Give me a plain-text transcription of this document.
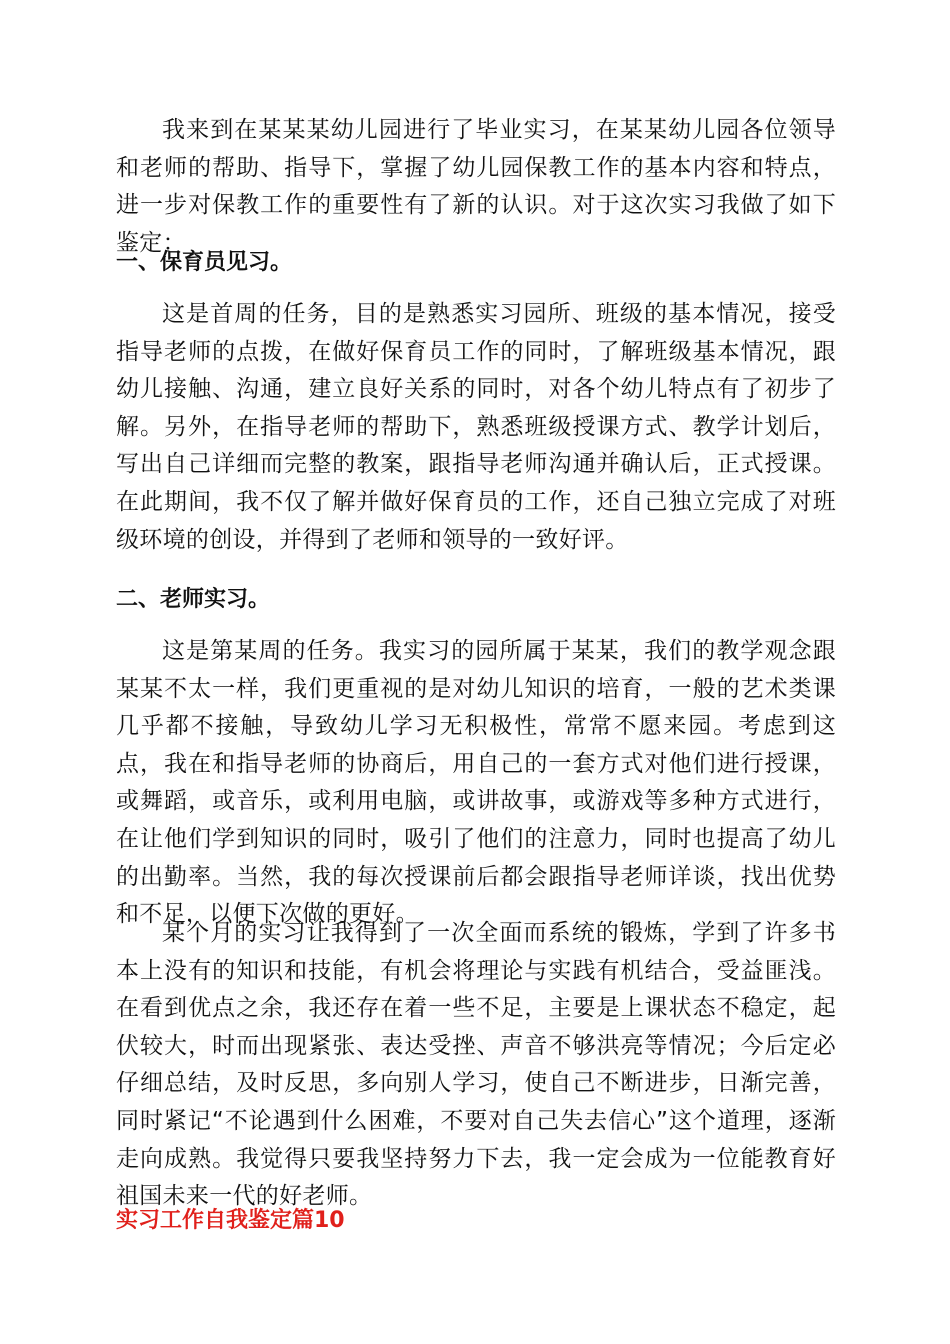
我来到在某某某幼儿园进行了毕业实习，在某某幼儿园各位领导和老师的帮助、指导下，掌握了幼儿园保教工作的基本内容和特点，进一步对保教工作的重要性有了新的认识。对于这次实习我做了如下鉴定：

一、保育员见习。

这是首周的任务，目的是熟悉实习园所、班级的基本情况，接受指导老师的点拨，在做好保育员工作的同时，了解班级基本情况，跟幼儿接触、沟通，建立良好关系的同时，对各个幼儿特点有了初步了解。另外，在指导老师的帮助下，熟悉班级授课方式、教学计划后，写出自己详细而完整的教案，跟指导老师沟通并确认后，正式授课。在此期间，我不仅了解并做好保育员的工作，还自己独立完成了对班级环境的创设，并得到了老师和领导的一致好评。

二、老师实习。

这是第某周的任务。我实习的园所属于某某，我们的教学观念跟某某不太一样，我们更重视的是对幼儿知识的培育，一般的艺术类课几乎都不接触，导致幼儿学习无积极性，常常不愿来园。考虑到这点，我在和指导老师的协商后，用自己的一套方式对他们进行授课，或舞蹈，或音乐，或利用电脑，或讲故事，或游戏等多种方式进行，在让他们学到知识的同时，吸引了他们的注意力，同时也提高了幼儿的出勤率。当然，我的每次授课前后都会跟指导老师详谈，找出优势和不足，以便下次做的更好。

某个月的实习让我得到了一次全面而系统的锻炼，学到了许多书本上没有的知识和技能，有机会将理论与实践有机结合，受益匪浅。在看到优点之余，我还存在着一些不足，主要是上课状态不稳定，起伏较大，时而出现紧张、表达受挫、声音不够洪亮等情况；今后定必仔细总结，及时反思，多向别人学习，使自己不断进步，日渐完善，同时紧记“不论遇到什么困难，不要对自己失去信心”这个道理，逐渐走向成熟。我觉得只要我坚持努力下去，我一定会成为一位能教育好祖国未来一代的好老师。

实习工作自我鉴定篇10
